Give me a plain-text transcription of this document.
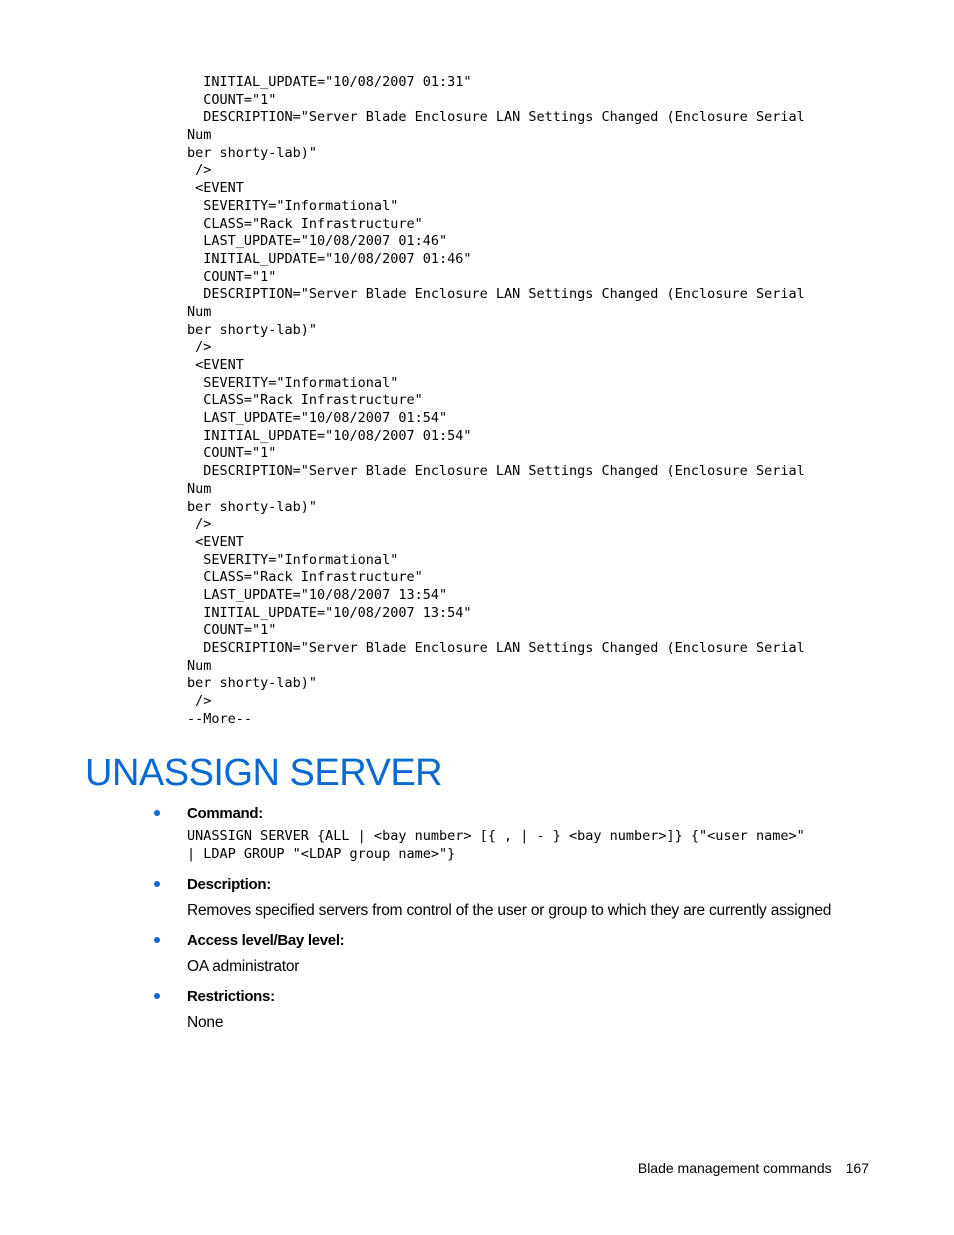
INITIAL_UPDATE="10/08/2007 01:31"
COUNT="1"
DESCRIPTION="Server Blade Enclosure LAN Settings Changed (Enclosure Serial
Num
ber shorty-lab)"
/>
<EVENT
SEVERITY="Informational"
CLASS="Rack Infrastructure"
LAST_UPDATE="10/08/2007 01:46"
INITIAL_UPDATE="10/08/2007 01:46"
COUNT="1"
DESCRIPTION="Server Blade Enclosure LAN Settings Changed (Enclosure Serial
Num
ber shorty-lab)"
/>
<EVENT
SEVERITY="Informational"
CLASS="Rack Infrastructure"
LAST_UPDATE="10/08/2007 01:54"
INITIAL_UPDATE="10/08/2007 01:54"
COUNT="1"
DESCRIPTION="Server Blade Enclosure LAN Settings Changed (Enclosure Serial
Num
ber shorty-lab)"
/>
<EVENT
SEVERITY="Informational"
CLASS="Rack Infrastructure"
LAST_UPDATE="10/08/2007 13:54"
INITIAL_UPDATE="10/08/2007 13:54"
COUNT="1"
DESCRIPTION="Server Blade Enclosure LAN Settings Changed (Enclosure Serial
Num
ber shorty-lab)"
/>
--More--
UNASSIGN SERVER
Command:
UNASSIGN SERVER {ALL | <bay number> [{ , | - } <bay number>]} {"<user name>"
| LDAP GROUP "<LDAP group name>"}
Description:
Removes specified servers from control of the user or group to which they are currently assigned
Access level/Bay level:
OA administrator
Restrictions:
None
Blade management commands 167
